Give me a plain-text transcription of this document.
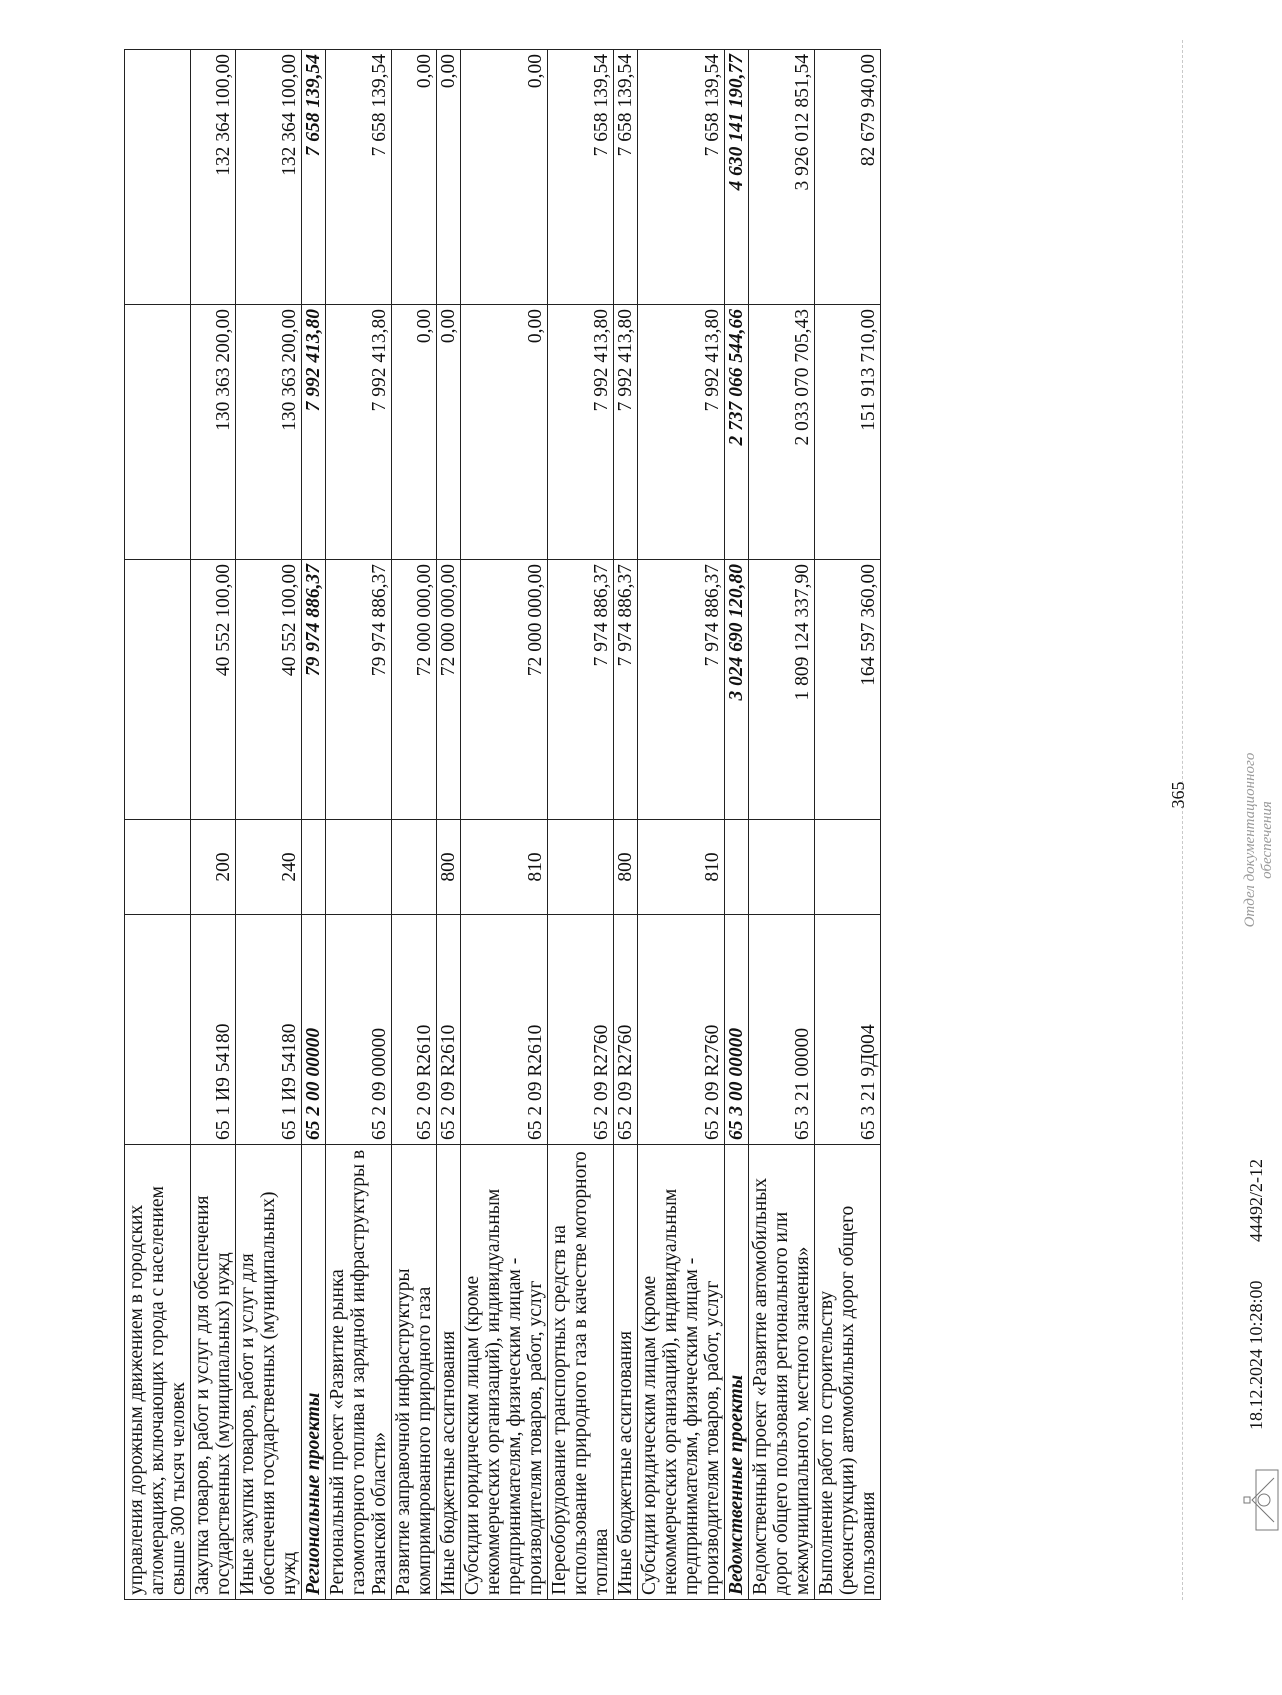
управления дорожным движением в городских агломерациях, включающих города с населением свыше 300 тысяч человек					
Закупка товаров, работ и услуг для обеспечения государственных (муниципальных) нужд	65 1 И9 54180	200	40 552 100,00	130 363 200,00	132 364 100,00
Иные закупки товаров, работ и услуг для обеспечения государственных (муниципальных) нужд	65 1 И9 54180	240	40 552 100,00	130 363 200,00	132 364 100,00
Региональные проекты	65 2 00 00000		79 974 886,37	7 992 413,80	7 658 139,54
Региональный проект «Развитие рынка газомоторного топлива и зарядной инфраструктуры в Рязанской области»	65 2 09 00000		79 974 886,37	7 992 413,80	7 658 139,54
Развитие заправочной инфраструктуры компримированного природного газа	65 2 09 R2610		72 000 000,00	0,00	0,00
Иные бюджетные ассигнования	65 2 09 R2610	800	72 000 000,00	0,00	0,00
Субсидии юридическим лицам (кроме некоммерческих организаций), индивидуальным предпринимателям, физическим лицам - производителям товаров, работ, услуг	65 2 09 R2610	810	72 000 000,00	0,00	0,00
Переоборудование транспортных средств на использование природного газа в качестве моторного топлива	65 2 09 R2760		7 974 886,37	7 992 413,80	7 658 139,54
Иные бюджетные ассигнования	65 2 09 R2760	800	7 974 886,37	7 992 413,80	7 658 139,54
Субсидии юридическим лицам (кроме некоммерческих организаций), индивидуальным предпринимателям, физическим лицам - производителям товаров, работ, услуг	65 2 09 R2760	810	7 974 886,37	7 992 413,80	7 658 139,54
Ведомственные проекты	65 3 00 00000		3 024 690 120,80	2 737 066 544,66	4 630 141 190,77
Ведомственный проект «Развитие автомобильных дорог общего пользования регионального или межмуниципального, местного значения»	65 3 21 00000		1 809 124 337,90	2 033 070 705,43	3 926 012 851,54
Выполнение работ по строительству (реконструкции) автомобильных дорог общего пользования	65 3 21 9Д004		164 597 360,00	151 913 710,00	82 679 940,00
365
18.12.2024 10:28:00
44492/2-12
Отдел документационного обеспечения
